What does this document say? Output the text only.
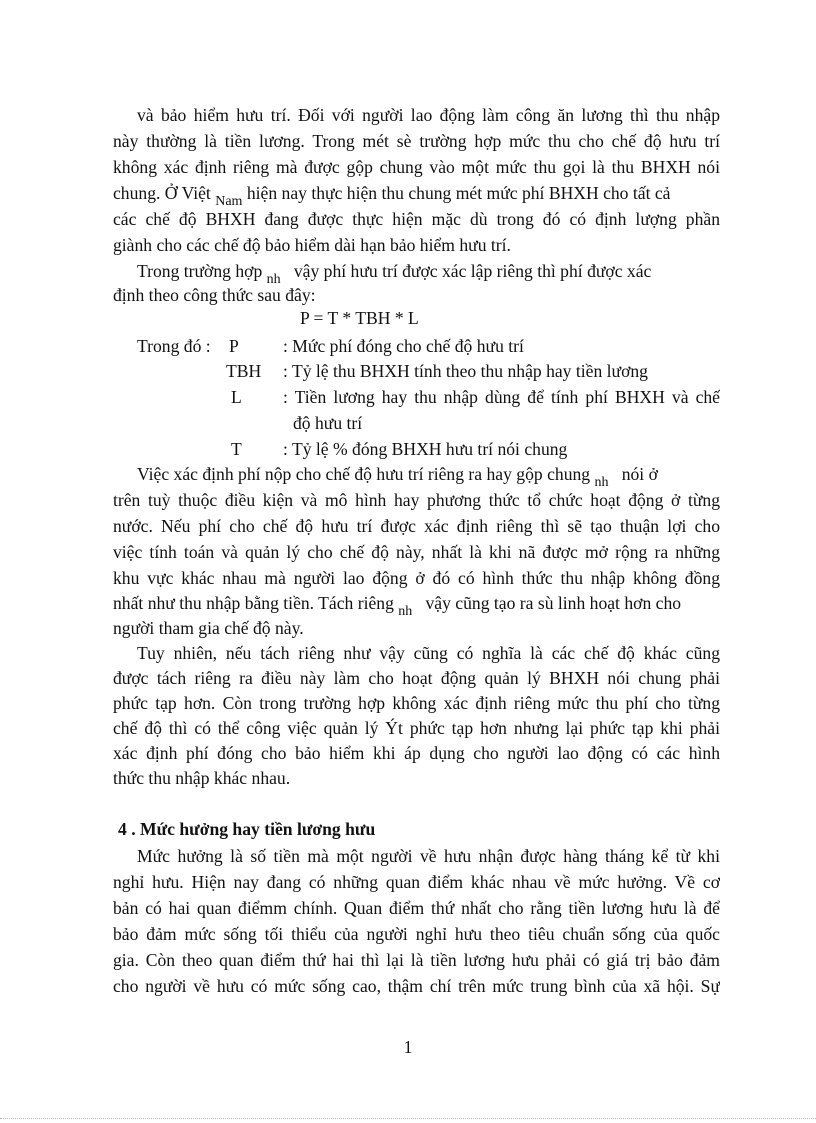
và bảo hiểm hưu trí. Đối với người lao động làm công ăn lương thì thu nhập
này thường là tiền lương. Trong mét sè trường hợp mức thu cho chế độ hưu trí
không xác định riêng mà được gộp chung vào một mức thu gọi là thu BHXH nói
chung. Ở Việt Nam hiện nay thực hiện thu chung mét mức phí BHXH cho tất cả
các chế độ BHXH đang được thực hiện mặc dù trong đó có định lượng phần
giành cho các chế độ bảo hiểm dài hạn bảo hiểm hưu trí.
Trong trường hợp nh vậy phí hưu trí được xác lập riêng thì phí được xác
định theo công thức sau đây:
P = T * TBH * L
Trong đó : P	: Mức phí đóng cho chế độ hưu trí
TBH : Tỷ lệ thu BHXH tính theo thu nhập hay tiền lương
L : Tiền lương hay thu nhập dùng để tính phí BHXH và chế
độ hưu trí
T : Tỷ lệ % đóng BHXH hưu trí nói chung
Việc xác định phí nộp cho chế độ hưu trí riêng ra hay gộp chung nh nói ở
trên tuỳ thuộc điều kiện và mô hình hay phương thức tổ chức hoạt động ở từng
nước. Nếu phí cho chế độ hưu trí được xác định riêng thì sẽ tạo thuận lợi cho
việc tính toán và quản lý cho chế độ này, nhất là khi nã được mở rộng ra những
khu vực khác nhau mà người lao động ở đó có hình thức thu nhập không đồng
nhất như thu nhập bằng tiền. Tách riêng nh vậy cũng tạo ra sù linh hoạt hơn cho
người tham gia chế độ này.
Tuy nhiên, nếu tách riêng như vậy cũng có nghĩa là các chế độ khác cũng
được tách riêng ra điều này làm cho hoạt động quản lý BHXH nói chung phải
phức tạp hơn. Còn trong trường hợp không xác định riêng mức thu phí cho từng
chế độ thì có thể công việc quản lý Ýt phức tạp hơn nhưng lại phức tạp khi phải
xác định phí đóng cho bảo hiểm khi áp dụng cho người lao động có các hình
thức thu nhập khác nhau.
4 . Mức hưởng hay tiền lương hưu
Mức hưởng là số tiền mà một người về hưu nhận được hàng tháng kể từ khi
nghỉ hưu. Hiện nay đang có những quan điểm khác nhau về mức hưởng. Về cơ
bản có hai quan điểmm chính. Quan điểm thứ nhất cho rằng tiền lương hưu là để
bảo đảm mức sống tối thiểu của người nghỉ hưu theo tiêu chuẩn sống của quốc
gia. Còn theo quan điểm thứ hai thì lại là tiền lương hưu phải có giá trị bảo đảm
cho người về hưu có mức sống cao, thậm chí trên mức trung bình của xã hội. Sự
1
